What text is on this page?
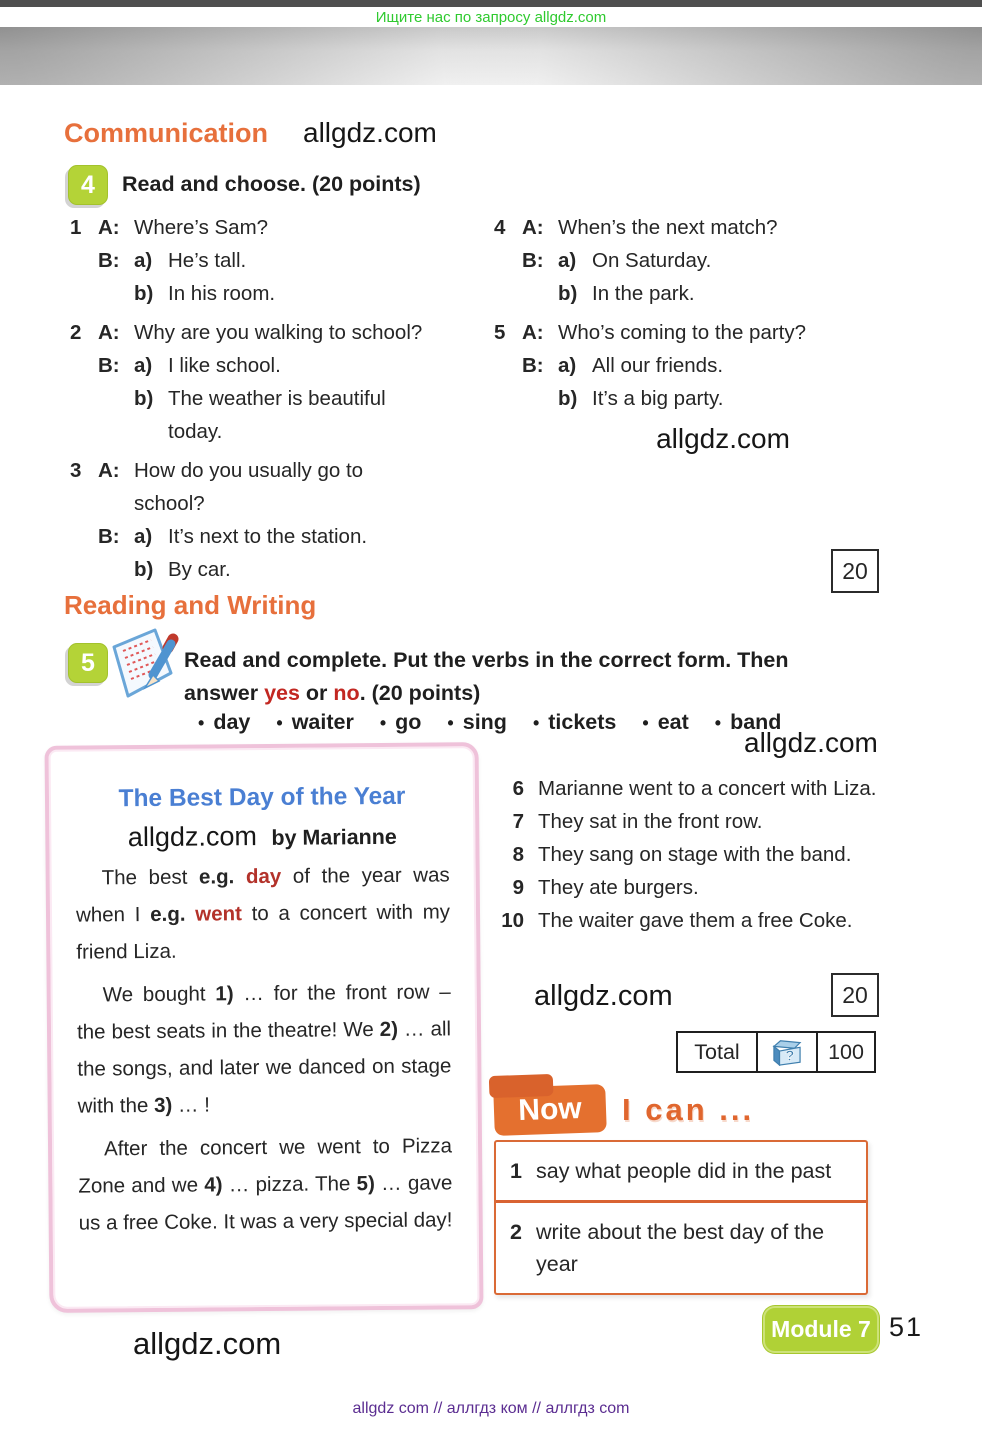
Ищите нас по запросу allgdz.com
Communication allgdz.com
4	Read and choose. (20 points)
1 A: Where’s Sam?
B: a) He’s tall.
b) In his room.
2 A: Why are you walking to school?
B: a) I like school.
b) The weather is beautiful today.
3 A: How do you usually go to school?
B: a) It’s next to the station.
b) By car.
4 A: When’s the next match?
B: a) On Saturday.
b) In the park.
5 A: Who’s coming to the party?
B: a) All our friends.
b) It’s a big party.
allgdz.com
20
Reading and Writing
5	Read and complete. Put the verbs in the correct form. Then
answer yes or no. (20 points)
• day • waiter • go • sing • tickets • eat • band
allgdz.com
The Best Day of the Year
allgdz.com by Marianne

The best e.g. day of the year was when I e.g. went to a concert with my friend Liza.

We bought 1) … for the front row – the best seats in the theatre! We 2) … all the songs, and later we danced on stage with the 3) … !

After the concert we went to Pizza Zone and we 4) … pizza. The 5) … gave us a free Coke. It was a very special day!

6 Marianne went to a concert with Liza.
7 They sat in the front row.
8 They sang on stage with the band.
9 They ate burgers.
10 The waiter gave them a free Coke.
allgdz.com	20
Total	?	100
Now	I can ...
1 say what people did in the past
2 write about the best day of the year
Module 7 51
allgdz.com
allgdz com // аллгдз ком // аллгдз com
